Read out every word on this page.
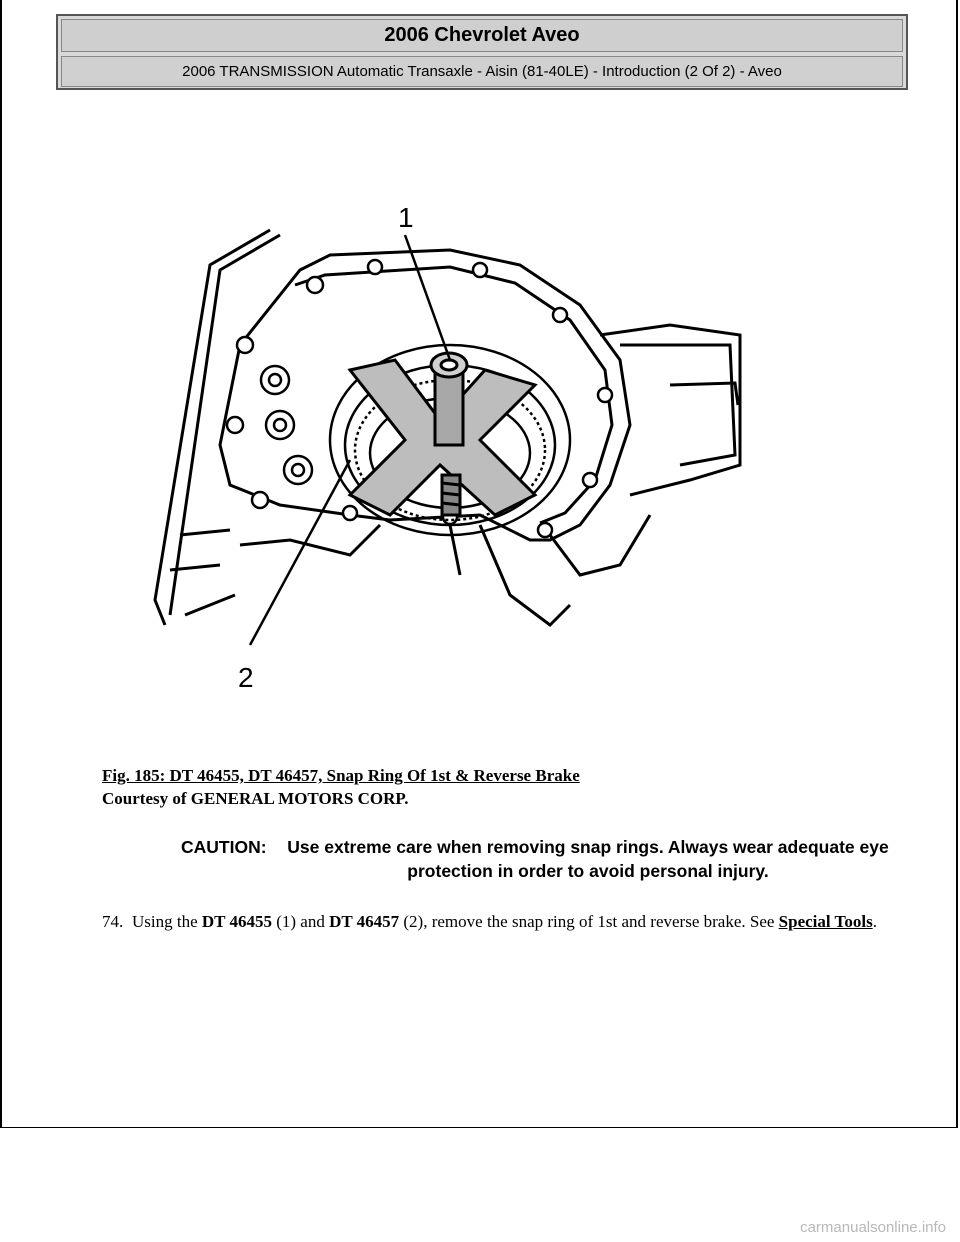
2006 Chevrolet Aveo
2006 TRANSMISSION Automatic Transaxle - Aisin (81-40LE) - Introduction (2 Of 2) - Aveo
1
2
Fig. 185: DT 46455, DT 46457, Snap Ring Of 1st & Reverse Brake
Courtesy of GENERAL MOTORS CORP.
CAUTION:	Use extreme care when removing snap rings. Always wear adequate eye protection in order to avoid personal injury.
74. Using the DT 46455 (1) and DT 46457 (2), remove the snap ring of 1st and reverse brake. See Special Tools.
carmanualsonline.info
